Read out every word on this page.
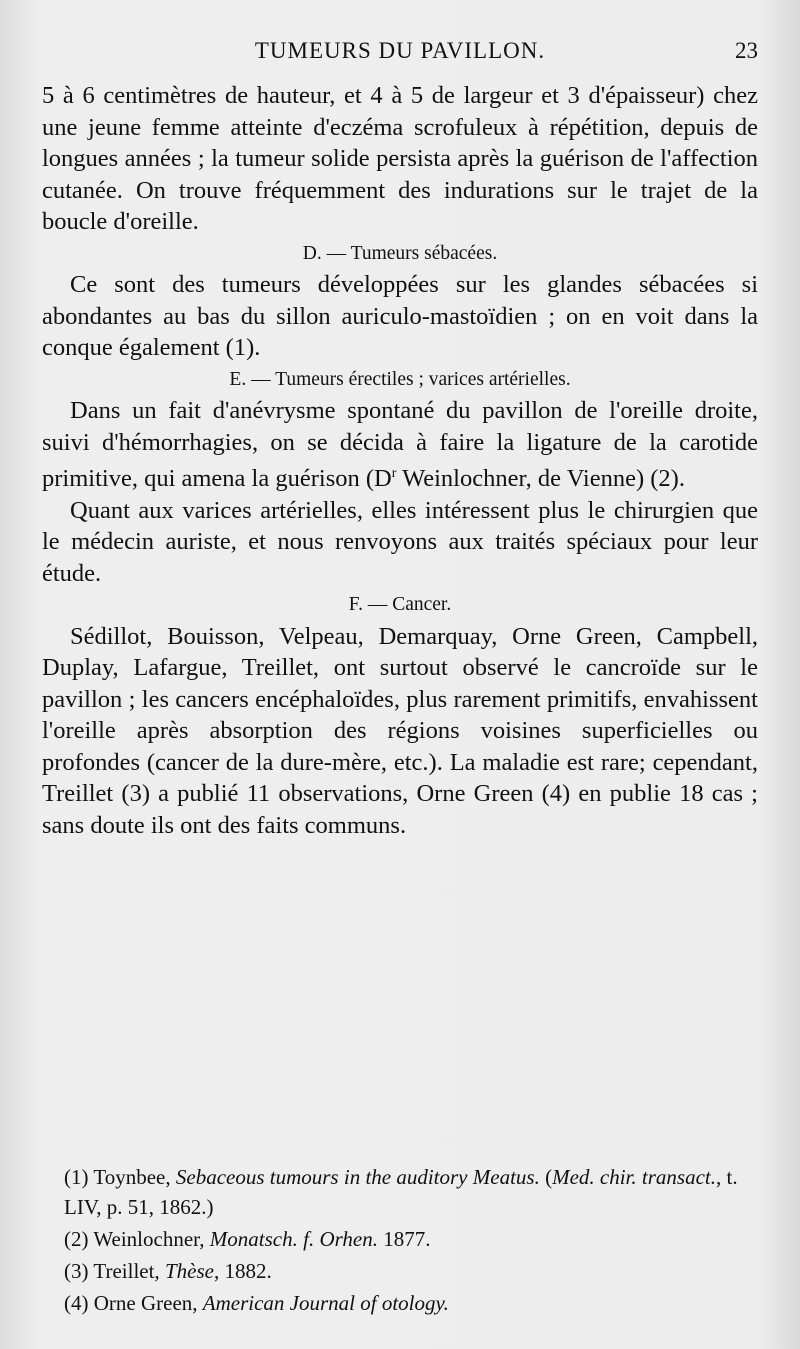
TUMEURS DU PAVILLON.	23

5 à 6 centimètres de hauteur, et 4 à 5 de largeur et 3 d'épaisseur) chez une jeune femme atteinte d'eczéma scrofuleux à répétition, depuis de longues années ; la tumeur solide persista après la guérison de l'affection cutanée. On trouve fréquemment des indurations sur le trajet de la boucle d'oreille.

D. — Tumeurs sébacées.

Ce sont des tumeurs développées sur les glandes sébacées si abondantes au bas du sillon auriculo-mastoïdien ; on en voit dans la conque également (1).

E. — Tumeurs érectiles ; varices artérielles.

Dans un fait d'anévrysme spontané du pavillon de l'oreille droite, suivi d'hémorrhagies, on se décida à faire la ligature de la carotide primitive, qui amena la guérison ($D^r$ Weinlochner, de Vienne) (2).

Quant aux varices artérielles, elles intéressent plus le chirurgien que le médecin auriste, et nous renvoyons aux traités spéciaux pour leur étude.

F. — Cancer.

Sédillot, Bouisson, Velpeau, Demarquay, Orne Green, Campbell, Duplay, Lafargue, Treillet, ont surtout observé le cancroïde sur le pavillon ; les cancers encéphaloïdes, plus rarement primitifs, envahissent l'oreille après absorption des régions voisines superficielles ou profondes (cancer de la dure-mère, etc.). La maladie est rare; cependant, Treillet (3) a publié 11 observations, Orne Green (4) en publie 18 cas ; sans doute ils ont des faits communs.

(1) Toynbee, Sebaceous tumours in the auditory Meatus. (Med. chir. transact., t. LIV, p. 51, 1862.)

(2) Weinlochner, Monatsch. f. Orhen. 1877.

(3) Treillet, Thèse, 1882.

(4) Orne Green, American Journal of otology.
